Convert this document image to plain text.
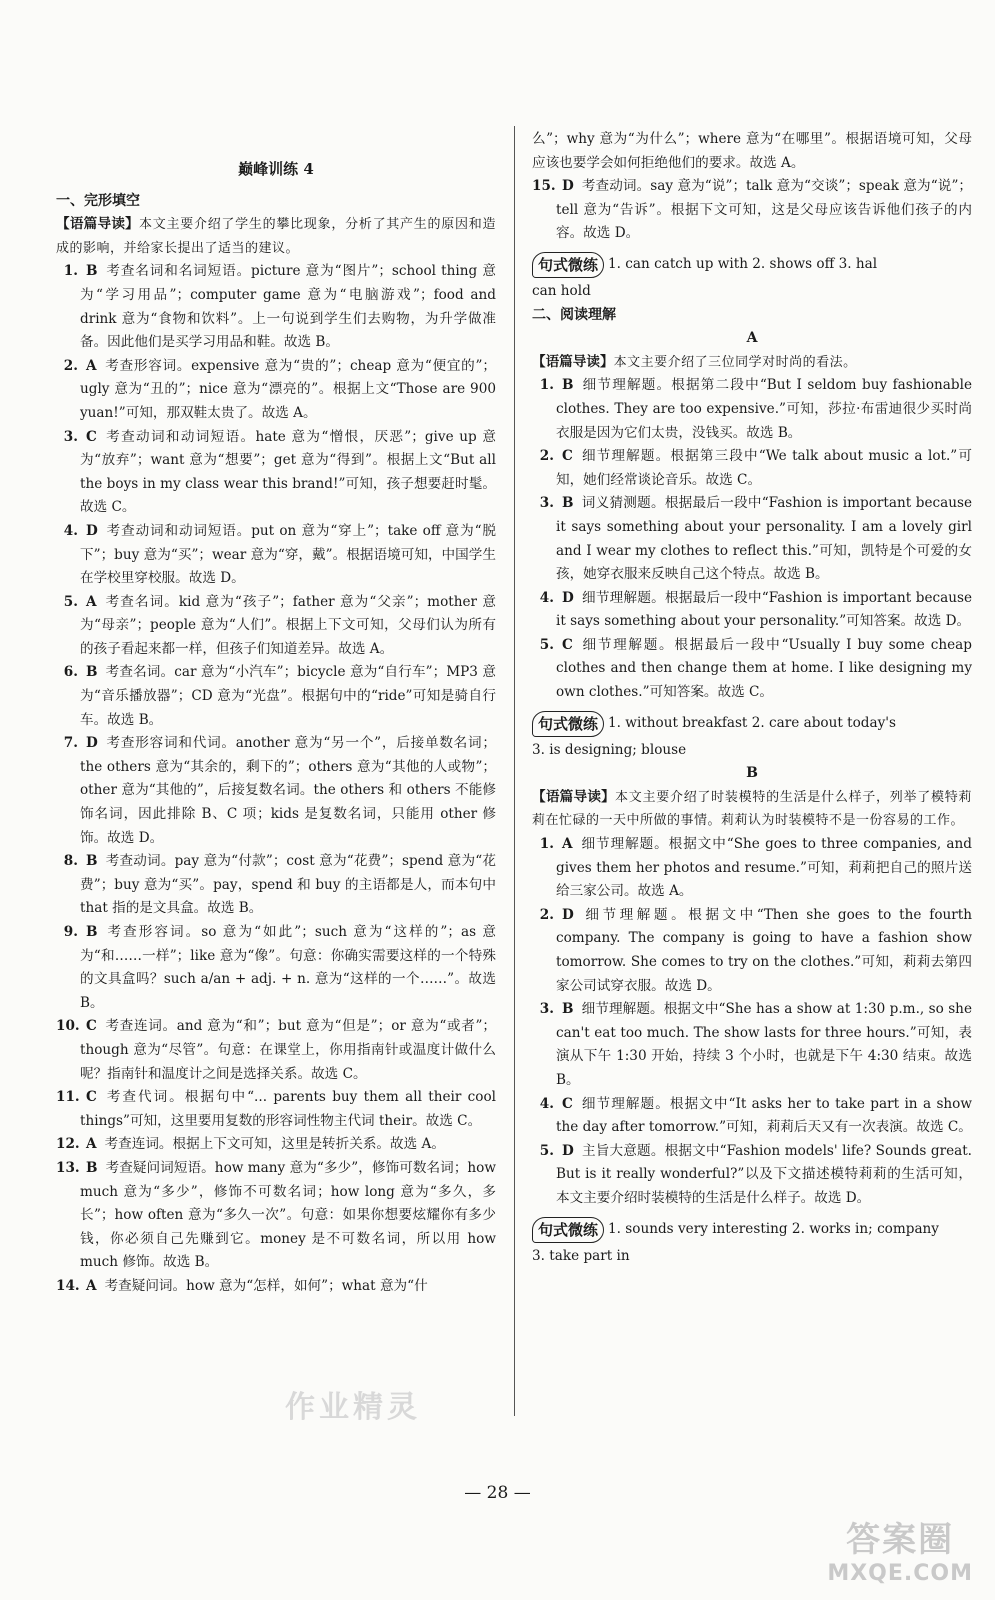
巅峰训练 4
一、完形填空
【语篇导读】本文主要介绍了学生的攀比现象，分析了其产生的原因和造成的影响，并给家长提出了适当的建议。
1. B 考查名词和名词短语。picture 意为“图片”；school thing 意为“学习用品”；computer game 意为“电脑游戏”；food and drink 意为“食物和饮料”。上一句说到学生们去购物，为升学做准备。因此他们是买学习用品和鞋。故选 B。
2. A 考查形容词。expensive 意为“贵的”；cheap 意为“便宜的”；ugly 意为“丑的”；nice 意为“漂亮的”。根据上文“Those are 900 yuan!”可知，那双鞋太贵了。故选 A。
3. C 考查动词和动词短语。hate 意为“憎恨，厌恶”；give up 意为“放弃”；want 意为“想要”；get 意为“得到”。根据上文“But all the boys in my class wear this brand!”可知，孩子想要赶时髦。故选 C。
4. D 考查动词和动词短语。put on 意为“穿上”；take off 意为“脱下”；buy 意为“买”；wear 意为“穿，戴”。根据语境可知，中国学生在学校里穿校服。故选 D。
5. A 考查名词。kid 意为“孩子”；father 意为“父亲”；mother 意为“母亲”；people 意为“人们”。根据上下文可知，父母们认为所有的孩子看起来都一样，但孩子们知道差异。故选 A。
6. B 考查名词。car 意为“小汽车”；bicycle 意为“自行车”；MP3 意为“音乐播放器”；CD 意为“光盘”。根据句中的“ride”可知是骑自行车。故选 B。
7. D 考查形容词和代词。another 意为“另一个”，后接单数名词；the others 意为“其余的，剩下的”；others 意为“其他的人或物”；other 意为“其他的”，后接复数名词。the others 和 others 不能修饰名词，因此排除 B、C 项；kids 是复数名词，只能用 other 修饰。故选 D。
8. B 考查动词。pay 意为“付款”；cost 意为“花费”；spend 意为“花费”；buy 意为“买”。pay，spend 和 buy 的主语都是人，而本句中 that 指的是文具盒。故选 B。
9. B 考查形容词。so 意为“如此”；such 意为“这样的”；as 意为“和……一样”；like 意为“像”。句意：你确实需要这样的一个特殊的文具盒吗？such a/an + adj. + n. 意为“这样的一个……”。故选 B。
10. C 考查连词。and 意为“和”；but 意为“但是”；or 意为“或者”；though 意为“尽管”。句意：在课堂上，你用指南针或温度计做什么呢？指南针和温度计之间是选择关系。故选 C。
11. C 考查代词。根据句中“... parents buy them all their cool things”可知，这里要用复数的形容词性物主代词 their。故选 C。
12. A 考查连词。根据上下文可知，这里是转折关系。故选 A。
13. B 考查疑问词短语。how many 意为“多少”，修饰可数名词；how much 意为“多少”，修饰不可数名词；how long 意为“多久，多长”；how often 意为“多久一次”。句意：如果你想要炫耀你有多少钱，你必须自己先赚到它。money 是不可数名词，所以用 how much 修饰。故选 B。
14. A 考查疑问词。how 意为“怎样，如何”；what 意为“什
么”；why 意为“为什么”；where 意为“在哪里”。根据语境可知，父母应该也要学会如何拒绝他们的要求。故选 A。
15. D 考查动词。say 意为“说”；talk 意为“交谈”；speak 意为“说”；tell 意为“告诉”。根据下文可知，这是父母应该告诉他们孩子的内容。故选 D。
句式微练 1. can catch up with 2. shows off 3. hal
can hold
二、阅读理解
A
【语篇导读】本文主要介绍了三位同学对时尚的看法。
1. B 细节理解题。根据第二段中“But I seldom buy fashionable clothes. They are too expensive.”可知，莎拉·布雷迪很少买时尚衣服是因为它们太贵，没钱买。故选 B。
2. C 细节理解题。根据第三段中“We talk about music a lot.”可知，她们经常谈论音乐。故选 C。
3. B 词义猜测题。根据最后一段中“Fashion is important because it says something about your personality. I am a lovely girl and I wear my clothes to reflect this.”可知，凯特是个可爱的女孩，她穿衣服来反映自己这个特点。故选 B。
4. D 细节理解题。根据最后一段中“Fashion is important because it says something about your personality.”可知答案。故选 D。
5. C 细节理解题。根据最后一段中“Usually I buy some cheap clothes and then change them at home. I like designing my own clothes.”可知答案。故选 C。
句式微练 1. without breakfast 2. care about today's
3. is designing; blouse
B
【语篇导读】本文主要介绍了时装模特的生活是什么样子，列举了模特莉莉在忙碌的一天中所做的事情。莉莉认为时装模特不是一份容易的工作。
1. A 细节理解题。根据文中“She goes to three companies, and gives them her photos and resume.”可知，莉莉把自己的照片送给三家公司。故选 A。
2. D 细节理解题。根据文中“Then she goes to the fourth company. The company is going to have a fashion show tomorrow. She comes to try on the clothes.”可知，莉莉去第四家公司试穿衣服。故选 D。
3. B 细节理解题。根据文中“She has a show at 1:30 p.m., so she can't eat too much. The show lasts for three hours.”可知，表演从下午 1:30 开始，持续 3 个小时，也就是下午 4:30 结束。故选 B。
4. C 细节理解题。根据文中“It asks her to take part in a show the day after tomorrow.”可知，莉莉后天又有一次表演。故选 C。
5. D 主旨大意题。根据文中“Fashion models' life? Sounds great. But is it really wonderful?”以及下文描述模特莉莉的生活可知，本文主要介绍时装模特的生活是什么样子。故选 D。
句式微练 1. sounds very interesting 2. works in; company
3. take part in
作业精灵
— 28 —
答案圈
MXQE.COM
